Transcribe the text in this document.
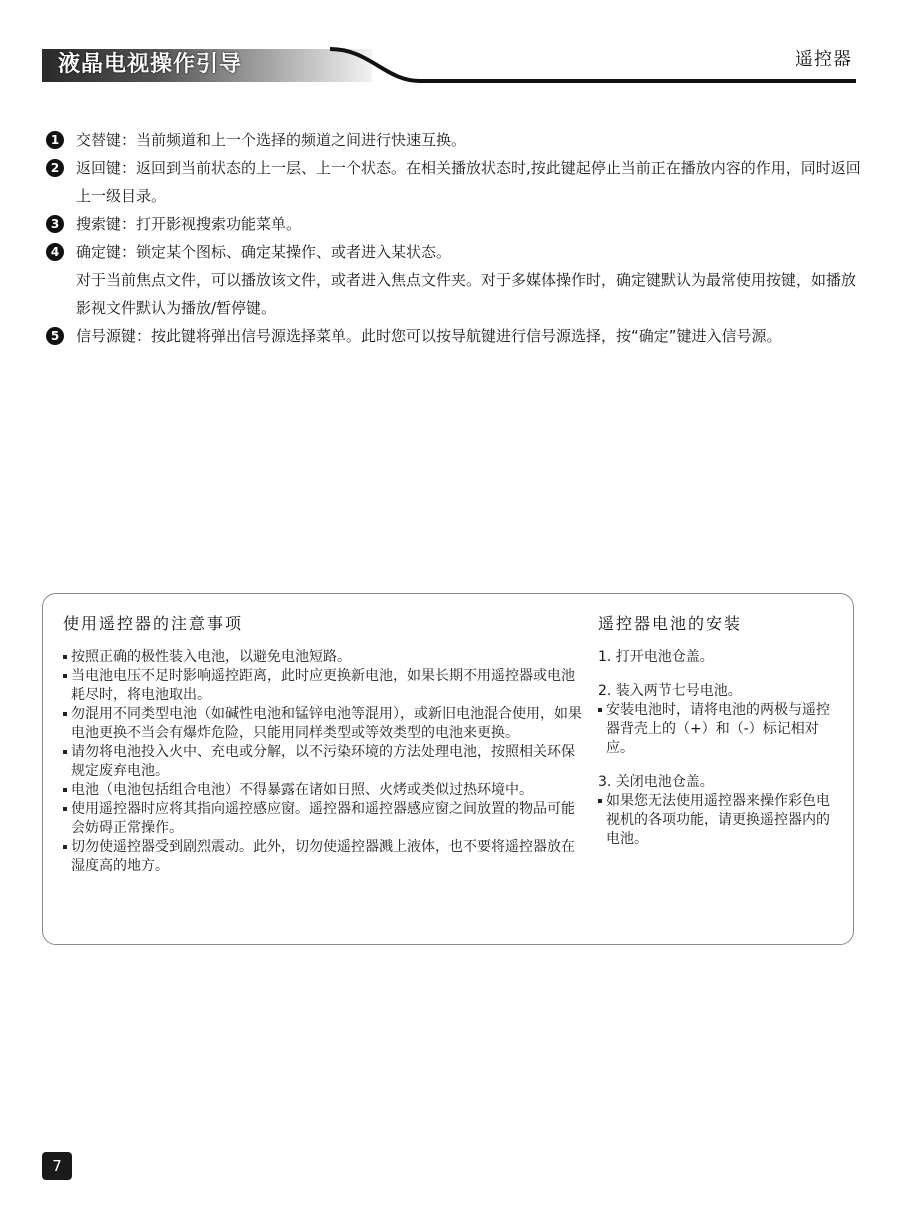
液晶电视操作引导	遥控器
1	交替键：当前频道和上一个选择的频道之间进行快速互换。
2	返回键：返回到当前状态的上一层、上一个状态。在相关播放状态时,按此键起停止当前正在播放内容的作用，同时返回上一级目录。
3	搜索键：打开影视搜索功能菜单。
4	确定键：锁定某个图标、确定某操作、或者进入某状态。
对于当前焦点文件，可以播放该文件，或者进入焦点文件夹。对于多媒体操作时，确定键默认为最常使用按键，如播放影视文件默认为播放/暂停键。
5	信号源键：按此键将弹出信号源选择菜单。此时您可以按导航键进行信号源选择，按“确定”键进入信号源。
使用遥控器的注意事项
按照正确的极性装入电池，以避免电池短路。
当电池电压不足时影响遥控距离，此时应更换新电池，如果长期不用遥控器或电池耗尽时，将电池取出。
勿混用不同类型电池（如碱性电池和锰锌电池等混用），或新旧电池混合使用，如果电池更换不当会有爆炸危险，只能用同样类型或等效类型的电池来更换。
请勿将电池投入火中、充电或分解，以不污染环境的方法处理电池，按照相关环保规定废弃电池。
电池（电池包括组合电池）不得暴露在诸如日照、火烤或类似过热环境中。
使用遥控器时应将其指向遥控感应窗。遥控器和遥控器感应窗之间放置的物品可能会妨碍正常操作。
切勿使遥控器受到剧烈震动。此外，切勿使遥控器溅上液体，也不要将遥控器放在湿度高的地方。
遥控器电池的安装

1. 打开电池仓盖。

2. 装入两节七号电池。

安装电池时，请将电池的两极与遥控器背壳上的（+）和（-）标记相对应。

3. 关闭电池仓盖。

如果您无法使用遥控器来操作彩色电视机的各项功能，请更换遥控器内的电池。
7
